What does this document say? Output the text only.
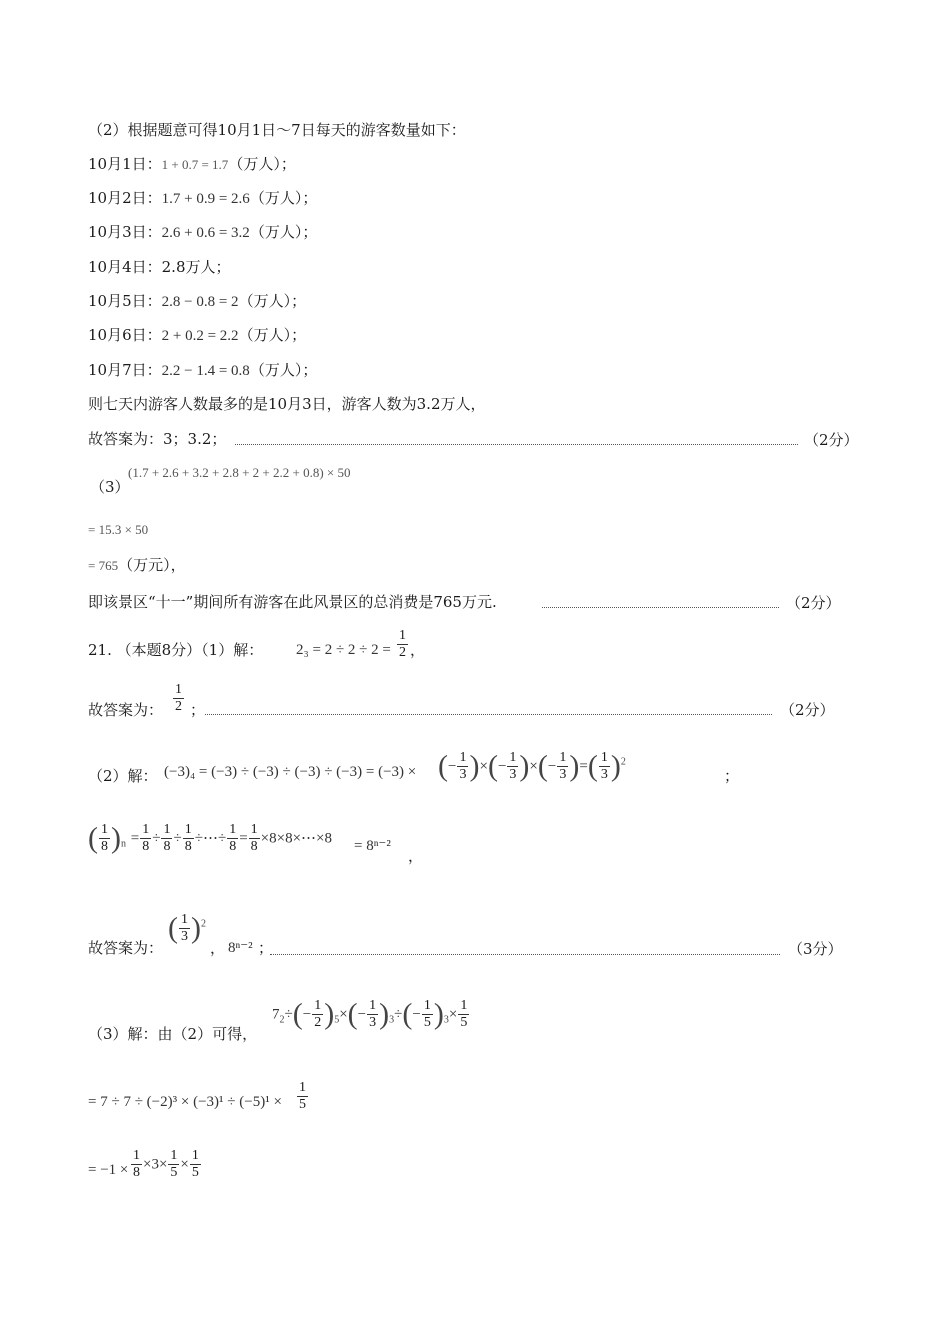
（2）根据题意可得10月1日～7日每天的游客数量如下：
10月1日：1 + 0.7 = 1.7（万人）；
10月2日：1.7 + 0.9 = 2.6（万人）；
10月3日：2.6 + 0.6 = 3.2（万人）；
10月4日：2.8万人；
10月5日：2.8 − 0.8 = 2（万人）；
10月6日：2 + 0.2 = 2.2（万人）；
10月7日：2.2 − 1.4 = 0.8（万人）；
则七天内游客人数最多的是10月3日，游客人数为3.2万人，
故答案为：3；3.2；	（2分）
（3）
(1.7 + 2.6 + 3.2 + 2.8 + 2 + 2.2 + 0.8) × 50
= 15.3 × 50
= 765（万元），
即该景区“十一”期间所有游客在此风景区的总消费是765万元.	（2分）
21. （本题8分）（1）解： $2_3 = 2 \div 2 \div 2 = \frac{1}{2}$ ，
故答案为： $\frac{1}{2}$ ；	（2分）
（2）解： (−3)₄ = (−3) ÷ (−3) ÷ (−3) ÷ (−3) = (−3) × (− $\frac{1}{3}$ )×(− $\frac{1}{3}$ )×(− $\frac{1}{3}$ )=( $\frac{1}{3} )^2$
；
( $\frac{1}{8} )_n = \frac{1}{8} \div \frac{1}{8} \div \frac{1}{8}$ ÷⋯÷ $\frac{1}{8} = \frac{1}{8}$ ×8×8×⋯×8 = 8ⁿ⁻²
，
故答案为：
( $\frac{1}{3} )^2$
， 8ⁿ⁻² ；	（3分）
（3）解：由（2）可得，
$7_2\div(- \frac{1}{2} )_5\times(- \frac{1}{3} )_3\div(- \frac{1}{5} )_3\times \frac{1}{5}$
= $7 \div 7 \div (-2)^3 \times (-3)^1 \div (-5)^1 \times \frac{1}{5}$
= $-1 \times \frac{1}{8} \times 3\times \frac{1}{5} \times \frac{1}{5}$
